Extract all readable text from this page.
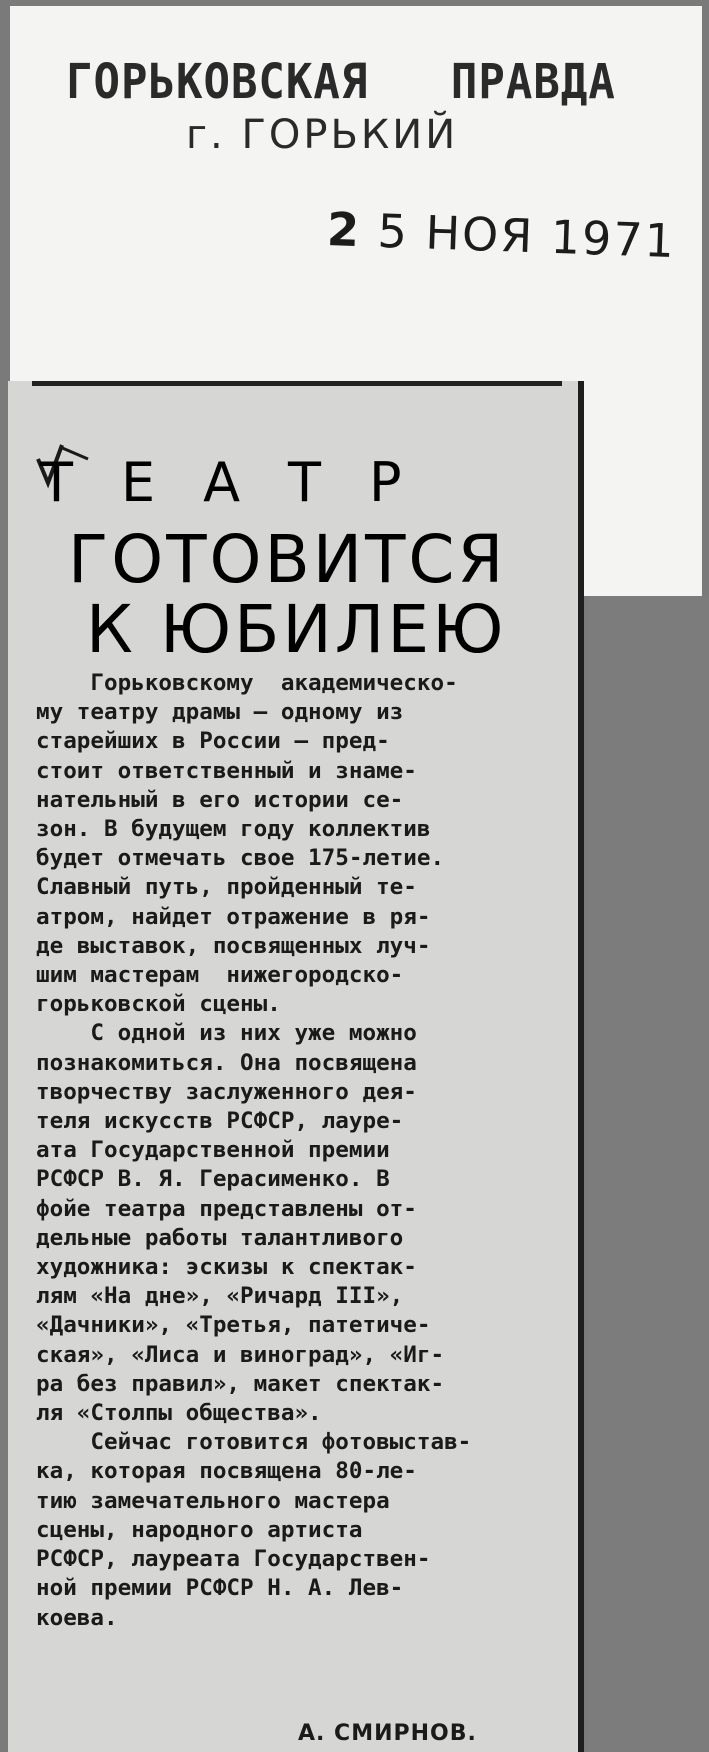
ГОРЬКОВСКАЯ   ПРАВДА
г. ГОРЬКИЙ
2 5 НОЯ 1971
ТЕАТР
ГОТОВИТСЯ
К ЮБИЛЕЮ
Горьковскому  академическо-
му театру драмы — одному из
старейших в России — пред-
стоит ответственный и знаме-
нательный в его истории се-
зон. В будущем году коллектив
будет отмечать свое 175-летие.
Славный путь, пройденный те-
атром, найдет отражение в ря-
де выставок, посвященных луч-
шим мастерам  нижегородско-
горьковской сцены.
С одной из них уже можно
познакомиться. Она посвящена
творчеству заслуженного дея-
теля искусств РСФСР, лауре-
ата Государственной премии
РСФСР В. Я. Герасименко. В
фойе театра представлены от-
дельные работы талантливого
художника: эскизы к спектак-
лям «На дне», «Ричард III»,
«Дачники», «Третья, патетиче-
ская», «Лиса и виноград», «Иг-
ра без правил», макет спектак-
ля «Столпы общества».
Сейчас готовится фотовыстав-
ка, которая посвящена 80-ле-
тию замечательного мастера
сцены, народного артиста
РСФСР, лауреата Государствен-
ной премии РСФСР Н. А. Лев-
коева.
А. СМИРНОВ.
